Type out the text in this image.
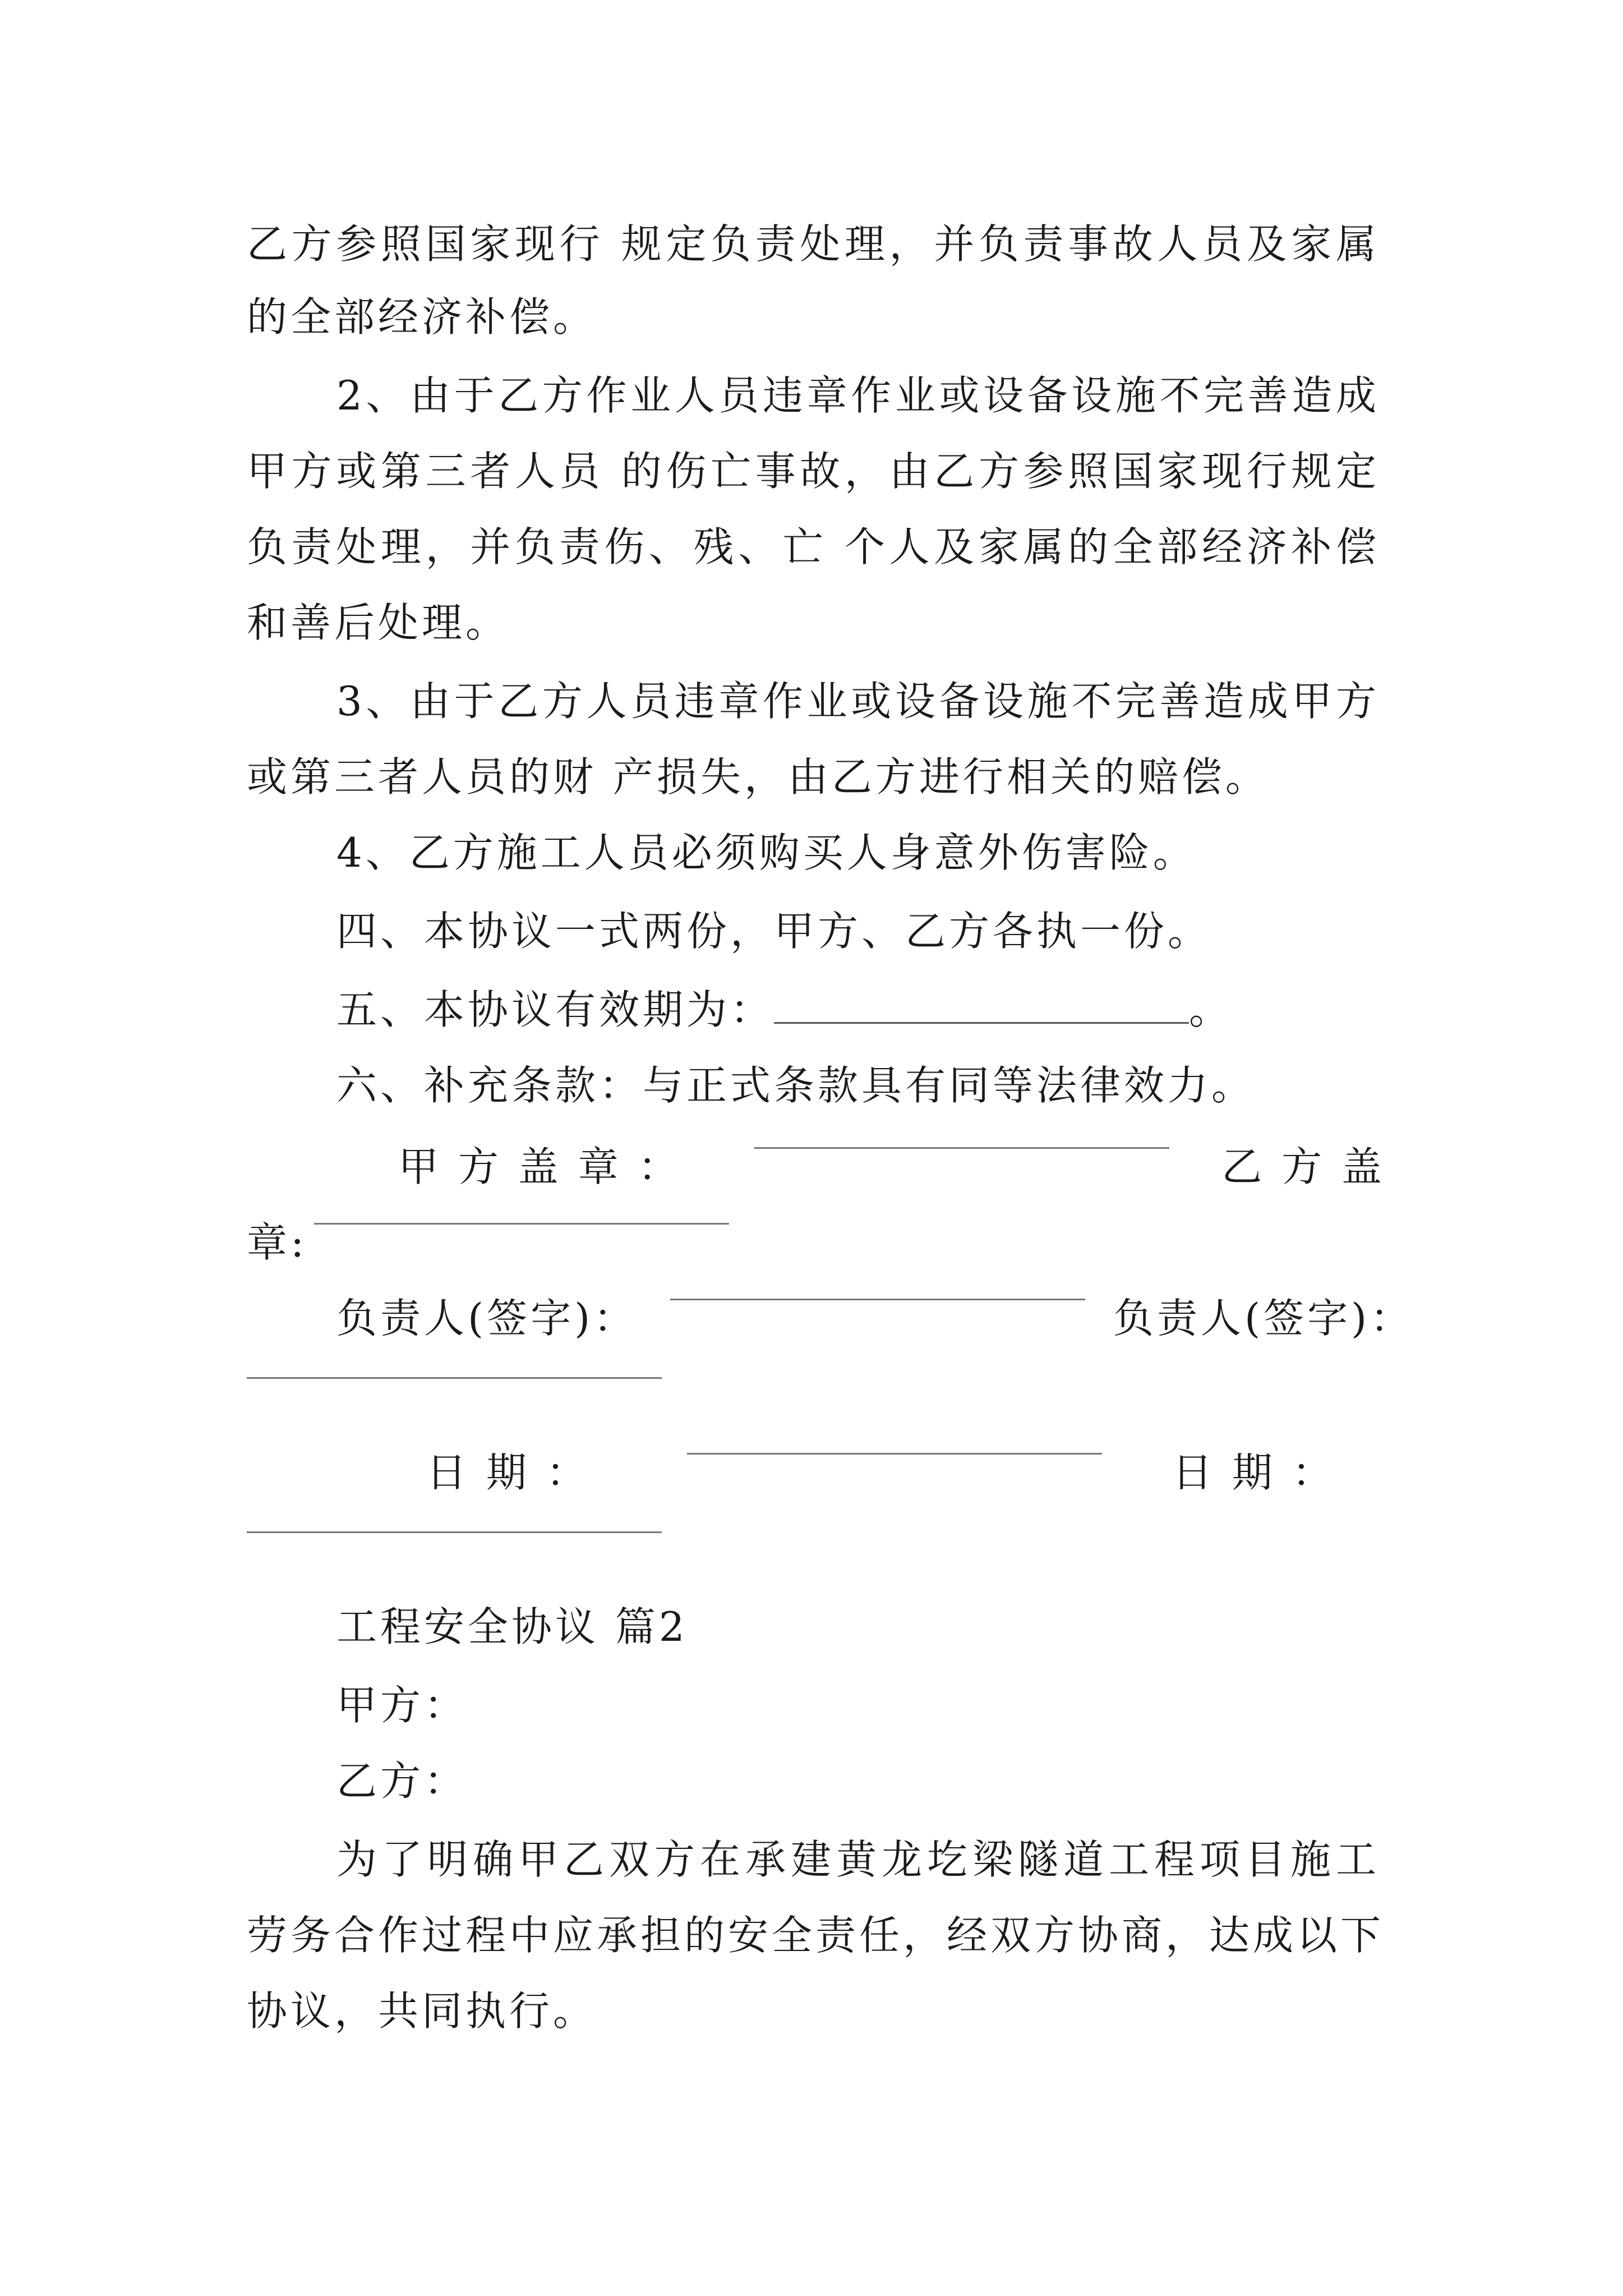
乙方参照国家现行 规定负责处理，并负责事故人员及家属
的全部经济补偿。
2、由于乙方作业人员违章作业或设备设施不完善造成
甲方或第三者人员 的伤亡事故，由乙方参照国家现行规定
负责处理，并负责伤、残、亡 个人及家属的全部经济补偿
和善后处理。
3、由于乙方人员违章作业或设备设施不完善造成甲方
或第三者人员的财 产损失，由乙方进行相关的赔偿。
4、乙方施工人员必须购买人身意外伤害险。
四、本协议一式两份，甲方、乙方各执一份。
五、本协议有效期为：	。
六、补充条款：与正式条款具有同等法律效力。
甲 方 盖 章 ：	乙 方 盖
章:
负责人(签字)：	负责人(签字)：
日 期 ：	日 期 ：
工程安全协议 篇2
甲方：
乙方：
为了明确甲乙双方在承建黄龙圪梁隧道工程项目施工
劳务合作过程中应承担的安全责任，经双方协商，达成以下
协议，共同执行。
